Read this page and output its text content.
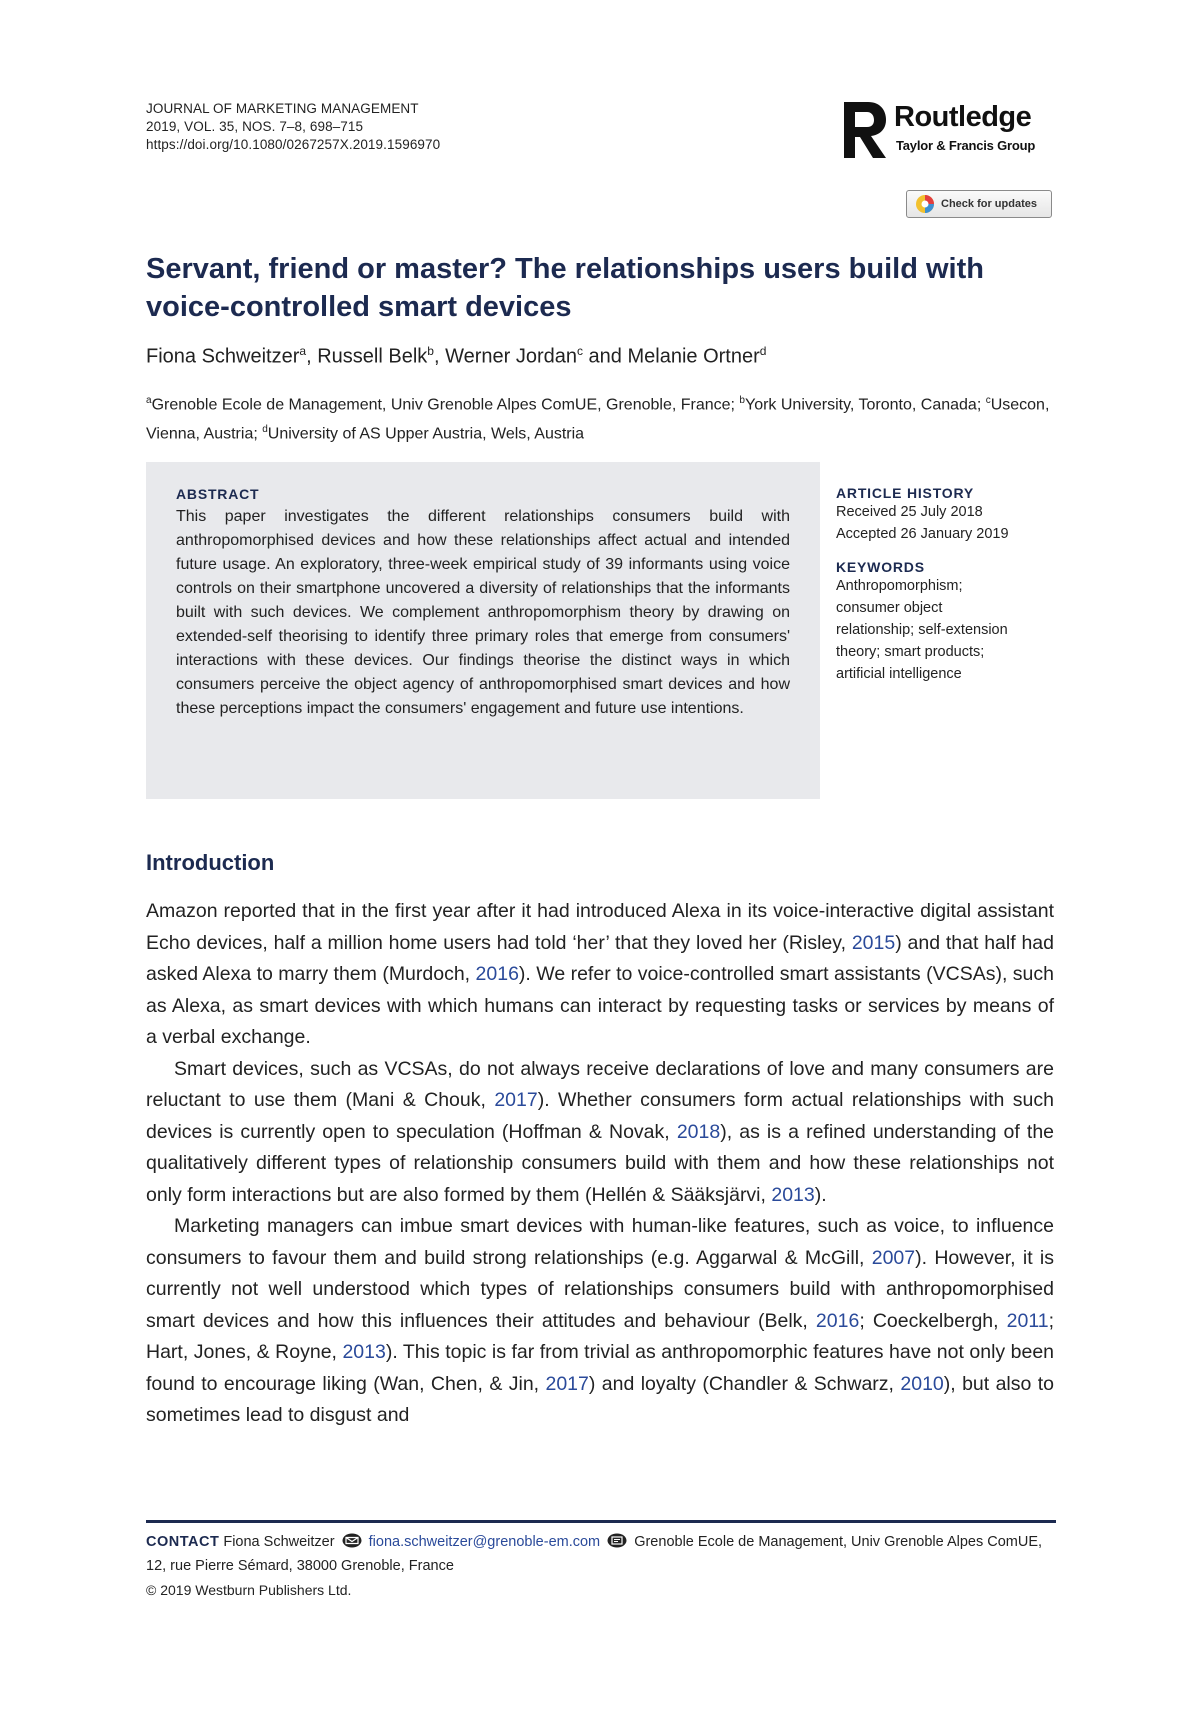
JOURNAL OF MARKETING MANAGEMENT
2019, VOL. 35, NOS. 7–8, 698–715
https://doi.org/10.1080/0267257X.2019.1596970
Routledge
Taylor & Francis Group
Check for updates
Servant, friend or master? The relationships users build with voice-controlled smart devices
Fiona Schweitzer$^a$, Russell Belk$^b$, Werner Jordan$^c$ and Melanie Ortner$^d$
$^a$Grenoble Ecole de Management, Univ Grenoble Alpes ComUE, Grenoble, France; $^b$York University, Toronto, Canada; $^c$Usecon, Vienna, Austria; $^d$University of AS Upper Austria, Wels, Austria
ABSTRACT
This paper investigates the different relationships consumers build with anthropomorphised devices and how these relationships affect actual and intended future usage. An exploratory, three-week empirical study of 39 informants using voice controls on their smartphone uncovered a diversity of relationships that the informants built with such devices. We complement anthropomorphism theory by drawing on extended-self theorising to identify three primary roles that emerge from consumers' interactions with these devices. Our findings theorise the distinct ways in which consumers perceive the object agency of anthropomorphised smart devices and how these perceptions impact the consumers' engagement and future use intentions.
ARTICLE HISTORY
Received 25 July 2018
Accepted 26 January 2019
KEYWORDS
Anthropomorphism;
consumer object
relationship; self-extension
theory; smart products;
artificial intelligence
Introduction

Amazon reported that in the first year after it had introduced Alexa in its voice-interactive digital assistant Echo devices, half a million home users had told ‘her’ that they loved her (Risley, 2015) and that half had asked Alexa to marry them (Murdoch, 2016). We refer to voice-controlled smart assistants (VCSAs), such as Alexa, as smart devices with which humans can interact by requesting tasks or services by means of a verbal exchange.

Smart devices, such as VCSAs, do not always receive declarations of love and many consumers are reluctant to use them (Mani & Chouk, 2017). Whether consumers form actual relationships with such devices is currently open to speculation (Hoffman & Novak, 2018), as is a refined understanding of the qualitatively different types of relationship consumers build with them and how these relationships not only form interactions but are also formed by them (Hellén & Sääksjärvi, 2013).

Marketing managers can imbue smart devices with human-like features, such as voice, to influence consumers to favour them and build strong relationships (e.g. Aggarwal & McGill, 2007). However, it is currently not well understood which types of relationships consumers build with anthropomorphised smart devices and how this influences their attitudes and behaviour (Belk, 2016; Coeckelbergh, 2011; Hart, Jones, & Royne, 2013). This topic is far from trivial as anthropomorphic features have not only been found to encourage liking (Wan, Chen, & Jin, 2017) and loyalty (Chandler & Schwarz, 2010), but also to sometimes lead to disgust and

CONTACT Fiona Schweitzer fiona.schweitzer@grenoble-em.com Grenoble Ecole de Management, Univ Grenoble Alpes ComUE, 12, rue Pierre Sémard, 38000 Grenoble, France
© 2019 Westburn Publishers Ltd.
